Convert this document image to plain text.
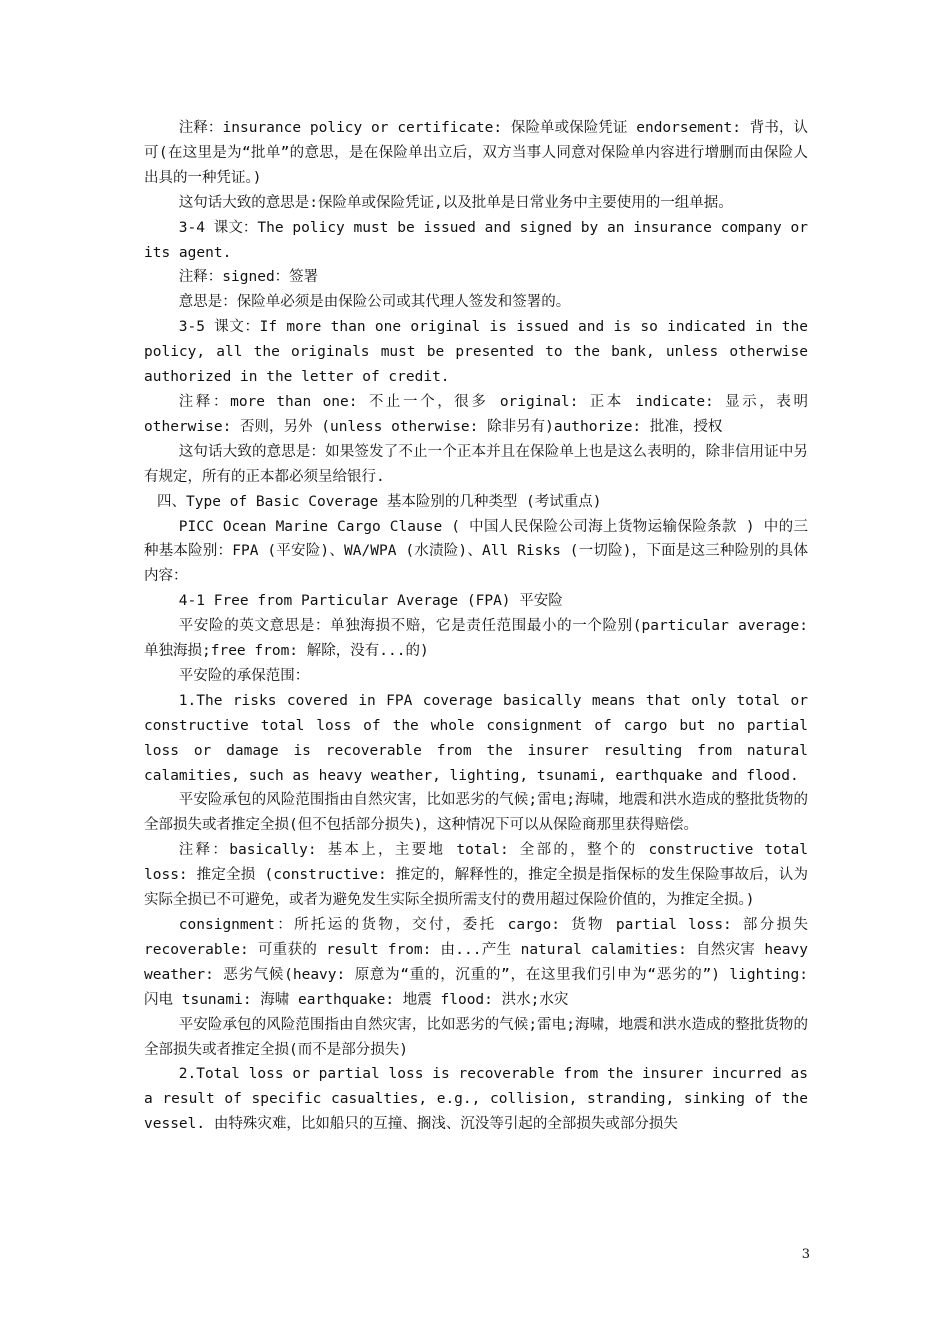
注释：insurance policy or certificate: 保险单或保险凭证 endorsement: 背书，认可(在这里是为“批单”的意思，是在保险单出立后，双方当事人同意对保险单内容进行增删而由保险人出具的一种凭证。)

这句话大致的意思是:保险单或保险凭证,以及批单是日常业务中主要使用的一组单据。

3-4 课文：The policy must be issued and signed by an insurance company or its agent.

注释：signed：签署

意思是：保险单必须是由保险公司或其代理人签发和签署的。

3-5 课文：If more than one original is issued and is so indicated in the policy, all the originals must be presented to the bank, unless otherwise authorized in the letter of credit.

注释：more than one: 不止一个，很多 original: 正本 indicate: 显示，表明 otherwise: 否则，另外 (unless otherwise: 除非另有)authorize: 批准，授权

这句话大致的意思是：如果签发了不止一个正本并且在保险单上也是这么表明的，除非信用证中另有规定，所有的正本都必须呈给银行.

四、Type of Basic Coverage 基本险别的几种类型 (考试重点)

PICC Ocean Marine Cargo Clause ( 中国人民保险公司海上货物运输保险条款 ) 中的三种基本险别：FPA (平安险)、WA/WPA (水渍险)、All Risks (一切险)，下面是这三种险别的具体内容：

4-1 Free from Particular Average (FPA) 平安险

平安险的英文意思是：单独海损不赔，它是责任范围最小的一个险别(particular average: 单独海损;free from: 解除，没有...的)

平安险的承保范围：

1.The risks covered in FPA coverage basically means that only total or constructive total loss of the whole consignment of cargo but no partial loss or damage is recoverable from the insurer resulting from natural calamities, such as heavy weather, lighting, tsunami, earthquake and flood.

平安险承包的风险范围指由自然灾害，比如恶劣的气候;雷电;海啸，地震和洪水造成的整批货物的全部损失或者推定全损(但不包括部分损失)，这种情况下可以从保险商那里获得赔偿。

注释：basically: 基本上，主要地 total: 全部的，整个的 constructive total loss: 推定全损 (constructive: 推定的，解释性的，推定全损是指保标的发生保险事故后，认为实际全损已不可避免，或者为避免发生实际全损所需支付的费用超过保险价值的，为推定全损。)

consignment：所托运的货物，交付，委托 cargo: 货物 partial loss: 部分损失 recoverable: 可重获的 result from: 由...产生 natural calamities: 自然灾害 heavy weather: 恶劣气候(heavy: 原意为“重的，沉重的”，在这里我们引申为“恶劣的”) lighting: 闪电 tsunami: 海啸 earthquake: 地震 flood: 洪水;水灾

平安险承包的风险范围指由自然灾害，比如恶劣的气候;雷电;海啸，地震和洪水造成的整批货物的全部损失或者推定全损(而不是部分损失)

2.Total loss or partial loss is recoverable from the insurer incurred as a result of specific casualties, e.g., collision, stranding, sinking of the vessel. 由特殊灾难，比如船只的互撞、搁浅、沉没等引起的全部损失或部分损失

3
